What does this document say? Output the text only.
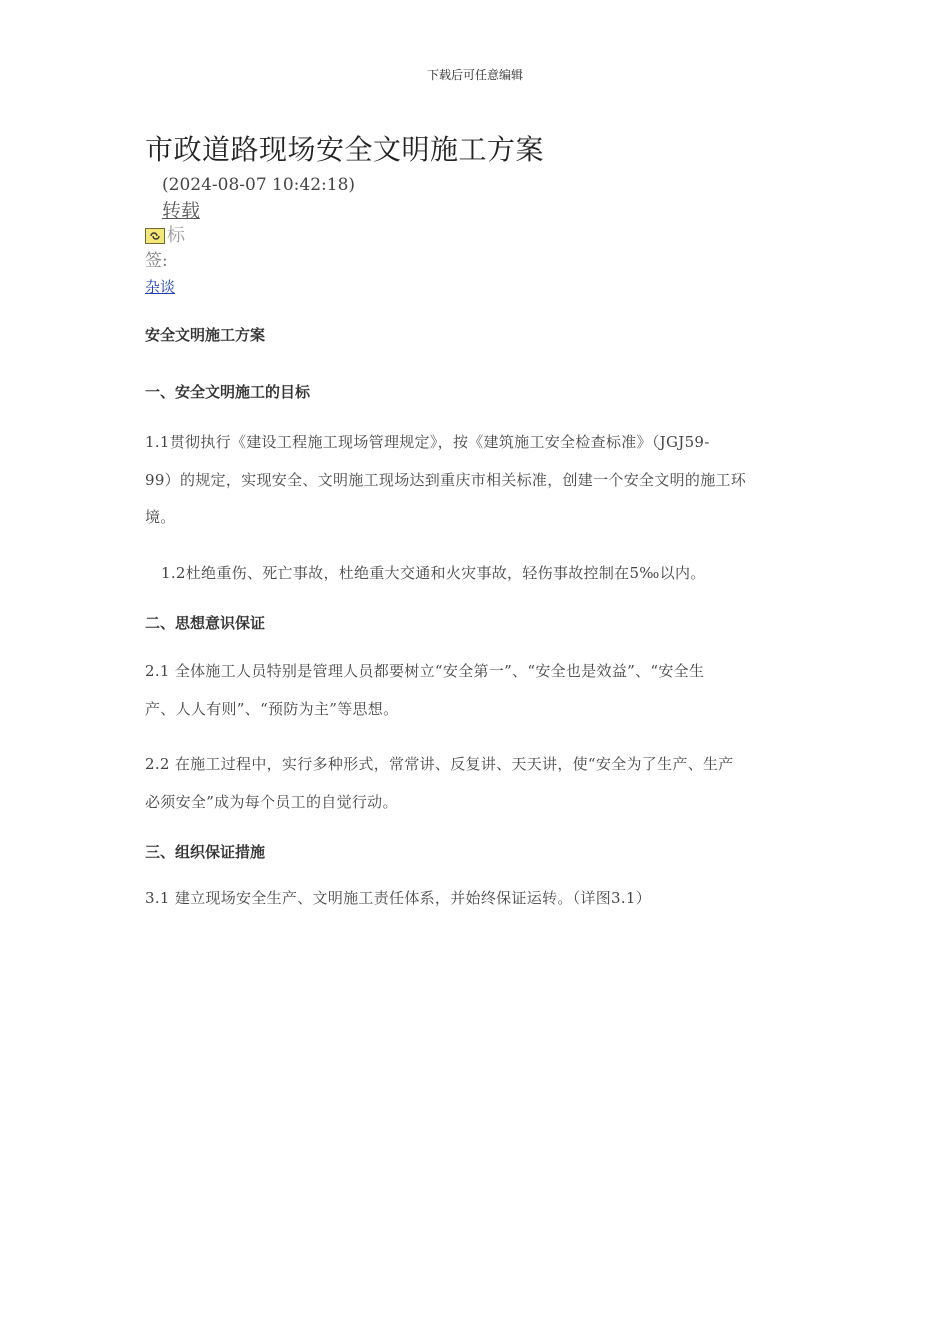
下载后可任意编辑
市政道路现场安全文明施工方案
(2024-08-07 10:42:18)
转载
标
签:
杂谈
安全文明施工方案
一、安全文明施工的目标

1.1贯彻执行《建设工程施工现场管理规定》，按《建筑施工安全检查标准》（JGJ59-

99）的规定，实现安全、文明施工现场达到重庆市相关标准，创建一个安全文明的施工环

境。

1.2杜绝重伤、死亡事故，杜绝重大交通和火灾事故，轻伤事故控制在5‰以内。

二、思想意识保证

2.1 全体施工人员特别是管理人员都要树立“安全第一”、“安全也是效益”、“安全生

产、人人有则”、“预防为主”等思想。

2.2 在施工过程中，实行多种形式，常常讲、反复讲、天天讲，使“安全为了生产、生产

必须安全”成为每个员工的自觉行动。

三、组织保证措施

3.1 建立现场安全生产、文明施工责任体系，并始终保证运转。（详图3.1）
